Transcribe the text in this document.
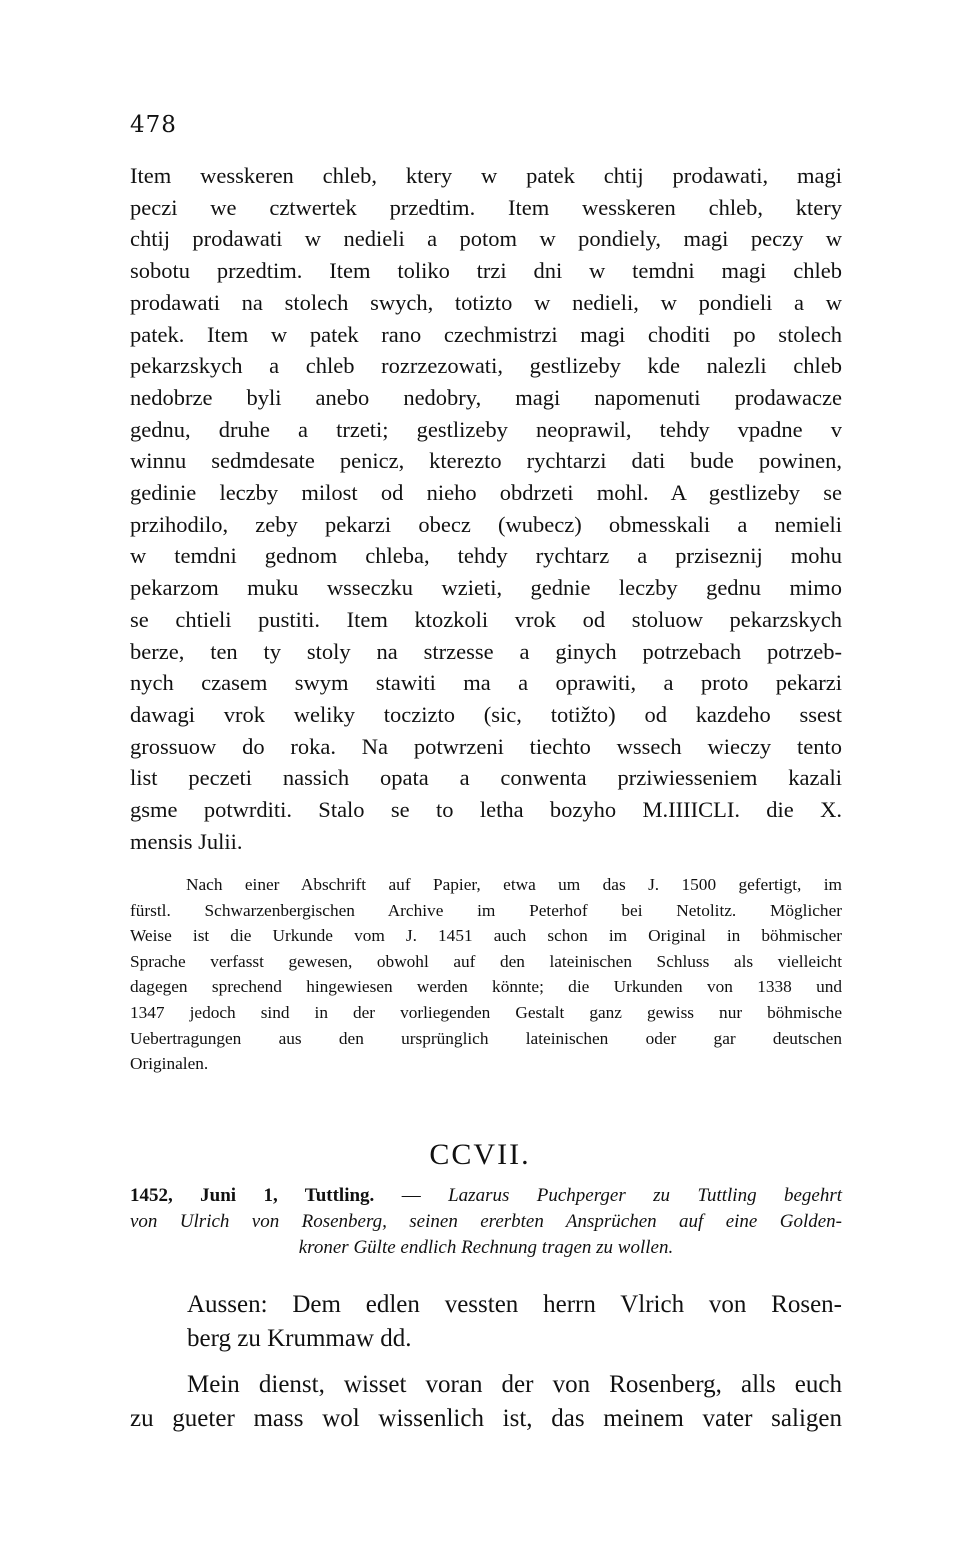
478
Item wesskeren chleb, ktery w patek chtij prodawati, magi
peczi we cztwertek przedtim. Item wesskeren chleb, ktery
chtij prodawati w nedieli a potom w pondiely, magi peczy w
sobotu przedtim. Item toliko trzi dni w temdni magi chleb
prodawati na stolech swych, totizto w nedieli, w pondieli a w
patek. Item w patek rano czechmistrzi magi choditi po stolech
pekarzskych a chleb rozrzezowati, gestlizeby kde nalezli chleb
nedobrze byli anebo nedobry, magi napomenuti prodawacze
gednu, druhe a trzeti; gestlizeby neoprawil, tehdy vpadne v
winnu sedmdesate penicz, kterezto rychtarzi dati bude powinen,
gedinie leczby milost od nieho obdrzeti mohl. A gestlizeby se
przihodilo, zeby pekarzi obecz (wubecz) obmesskali a nemieli
w temdni gednom chleba, tehdy rychtarz a prziseznij mohu
pekarzom muku wsseczku wzieti, gednie leczby gednu mimo
se chtieli pustiti. Item ktozkoli vrok od stoluow pekarzskych
berze, ten ty stoly na strzesse a ginych potrzebach potrzeb-
nych czasem swym stawiti ma a oprawiti, a proto pekarzi
dawagi vrok weliky toczizto (sic, totižto) od kazdeho ssest
grossuow do roka. Na potwrzeni tiechto wssech wieczy tento
list peczeti nassich opata a conwenta prziwiesseniem kazali
gsme potwrditi. Stalo se to letha bozyho M.IIIICLI. die X.
mensis Julii.
Nach einer Abschrift auf Papier, etwa um das J. 1500 gefertigt, im
fürstl. Schwarzenbergischen Archive im Peterhof bei Netolitz. Möglicher
Weise ist die Urkunde vom J. 1451 auch schon im Original in böhmischer
Sprache verfasst gewesen, obwohl auf den lateinischen Schluss als vielleicht
dagegen sprechend hingewiesen werden könnte; die Urkunden von 1338 und
1347 jedoch sind in der vorliegenden Gestalt ganz gewiss nur böhmische
Uebertragungen aus den ursprünglich lateinischen oder gar deutschen
Originalen.
CCVII.
1452, Juni 1, Tuttling. — Lazarus Puchperger zu Tuttling begehrt
von Ulrich von Rosenberg, seinen ererbten Ansprüchen auf eine Golden-
kroner Gülte endlich Rechnung tragen zu wollen.
Aussen: Dem edlen vessten herrn Vlrich von Rosen-
berg zu Krummaw dd.
Mein dienst, wisset voran der von Rosenberg, alls euch
zu gueter mass wol wissenlich ist, das meinem vater saligen
